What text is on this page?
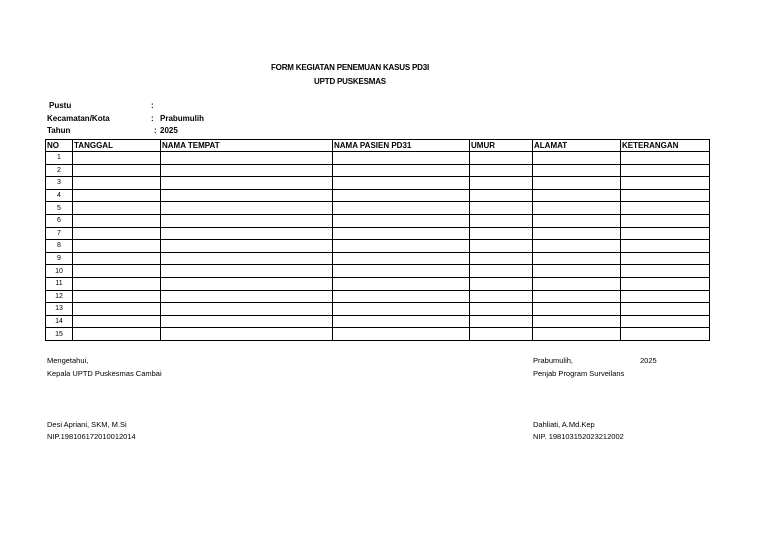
FORM KEGIATAN PENEMUAN KASUS PD3I
UPTD PUSKESMAS
Pustu	:
Kecamatan/Kota	: Prabumulih
Tahun	: 2025
NO	TANGGAL	NAMA TEMPAT	NAMA PASIEN PD31	UMUR	ALAMAT	KETERANGAN
1						
2						
3						
4						
5						
6						
7						
8						
9						
10						
11						
12						
13						
14						
15						
Mengetahui,
Kepala UPTD Puskesmas Cambai
Desi Apriani, SKM, M.Si
NIP.198106172010012014
Prabumulih,	2025
Penjab Program Surveilans
Dahliati, A.Md.Kep
NIP. 198103152023212002
